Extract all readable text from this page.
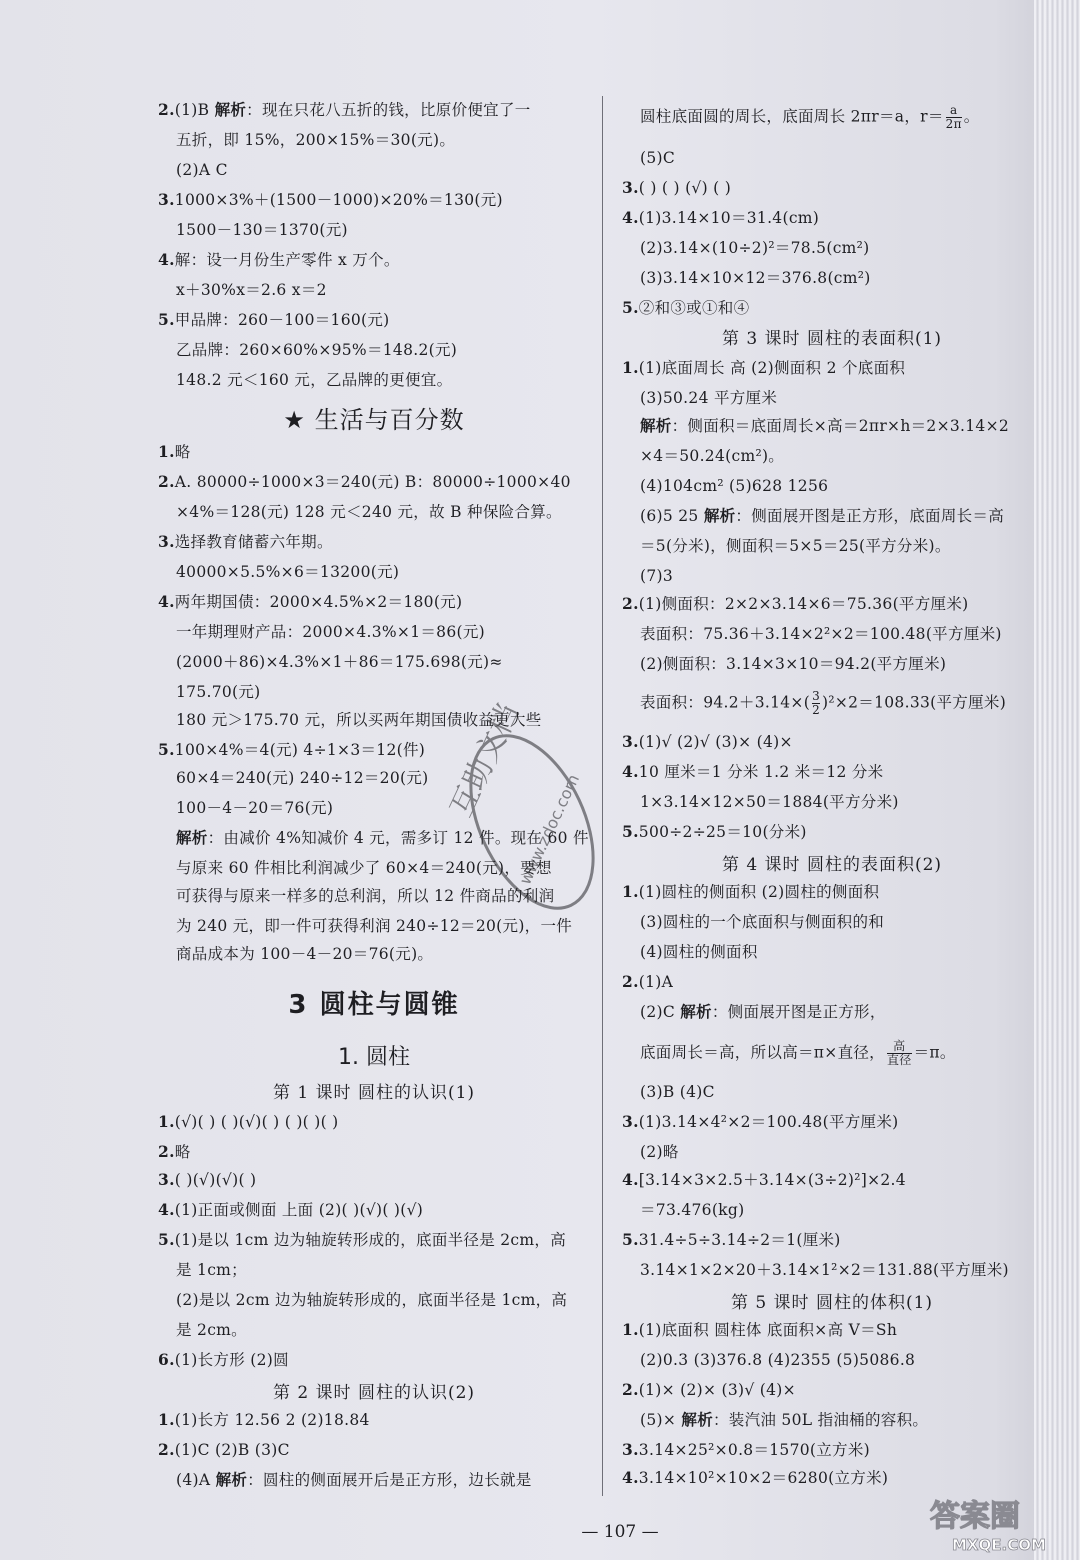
2.(1)B 解析：现在只花八五折的钱，比原价便宜了一
五折，即 15%，200×15%＝30(元)。
(2)A C
3.1000×3%＋(1500－1000)×20%＝130(元)
1500－130＝1370(元)
4.解：设一月份生产零件 x 万个。
x＋30%x＝2.6 x＝2
5.甲品牌：260－100＝160(元)
乙品牌：260×60%×95%＝148.2(元)
148.2 元＜160 元，乙品牌的更便宜。
★ 生活与百分数
1.略
2.A. 80000÷1000×3＝240(元) B：80000÷1000×40
×4%＝128(元) 128 元＜240 元，故 B 种保险合算。
3.选择教育储蓄六年期。
40000×5.5%×6＝13200(元)
4.两年期国债：2000×4.5%×2＝180(元)
一年期理财产品：2000×4.3%×1＝86(元)
(2000＋86)×4.3%×1＋86＝175.698(元)≈
175.70(元)
180 元＞175.70 元，所以买两年期国债收益更大些
5.100×4%＝4(元) 4÷1×3＝12(件)
60×4＝240(元) 240÷12＝20(元)
100－4－20＝76(元)
解析：由减价 4%知减价 4 元，需多订 12 件。现在 60 件
与原来 60 件相比利润减少了 60×4＝240(元)，要想
可获得与原来一样多的总利润，所以 12 件商品的利润
为 240 元，即一件可获得利润 240÷12＝20(元)，一件
商品成本为 100－4－20＝76(元)。
3 圆柱与圆锥
1. 圆柱
第 1 课时 圆柱的认识(1)
1.(√)( ) ( )(√)( ) ( )( )( )
2.略
3.( )(√)(√)( )
4.(1)正面或侧面 上面 (2)( )(√)( )(√)
5.(1)是以 1cm 边为轴旋转形成的，底面半径是 2cm，高
是 1cm；
(2)是以 2cm 边为轴旋转形成的，底面半径是 1cm，高
是 2cm。
6.(1)长方形 (2)圆
第 2 课时 圆柱的认识(2)
1.(1)长方 12.56 2 (2)18.84
2.(1)C (2)B (3)C
(4)A 解析：圆柱的侧面展开后是正方形，边长就是
圆柱底面圆的周长，底面周长 2πr＝a，$r= \frac{a}{2\pi}$ 。
(5)C
3.( ) ( ) (√) ( )
4.(1)3.14×10＝31.4(cm)
(2)3.14×(10÷2)²＝78.5(cm²)
(3)3.14×10×12＝376.8(cm²)
5.②和③或①和④
第 3 课时 圆柱的表面积(1)
1.(1)底面周长 高 (2)侧面积 2 个底面积
(3)50.24 平方厘米
解析：侧面积＝底面周长×高＝2πr×h＝2×3.14×2
×4＝50.24(cm²)。
(4)104cm² (5)628 1256
(6)5 25 解析：侧面展开图是正方形，底面周长＝高
＝5(分米)，侧面积＝5×5＝25(平方分米)。
(7)3
2.(1)侧面积：2×2×3.14×6＝75.36(平方厘米)
表面积：75.36＋3.14×2²×2＝100.48(平方厘米)
(2)侧面积：3.14×3×10＝94.2(平方厘米)
表面积：$94.2+3.14\times( \frac{3}{2} )^2\times 2=108.33$(平方厘米)
3.(1)√ (2)√ (3)× (4)×
4.10 厘米＝1 分米 1.2 米＝12 分米
1×3.14×12×50＝1884(平方分米)
5.500÷2÷25＝10(分米)
第 4 课时 圆柱的表面积(2)
1.(1)圆柱的侧面积 (2)圆柱的侧面积
(3)圆柱的一个底面积与侧面积的和
(4)圆柱的侧面积
2.(1)A
(2)C 解析：侧面展开图是正方形，
底面周长＝高，所以高＝π×直径， $\frac{\text{高}}{\text{直径}} =\pi$。
(3)B (4)C
3.(1)3.14×4²×2＝100.48(平方厘米)
(2)略
4.[3.14×3×2.5＋3.14×(3÷2)²]×2.4
＝73.476(kg)
5.31.4÷5÷3.14÷2＝1(厘米)
3.14×1×2×20＋3.14×1²×2＝131.88(平方厘米)
第 5 课时 圆柱的体积(1)
1.(1)底面积 圆柱体 底面积×高 V＝Sh
(2)0.3 (3)376.8 (4)2355 (5)5086.8
2.(1)× (2)× (3)√ (4)×
(5)× 解析：装汽油 50L 指油桶的容积。
3.3.14×25²×0.8＝1570(立方米)
4.3.14×10²×10×2＝6280(立方米)
— 107 —
互助文档
www.zdoc.com
答案圈
MXQE.COM
